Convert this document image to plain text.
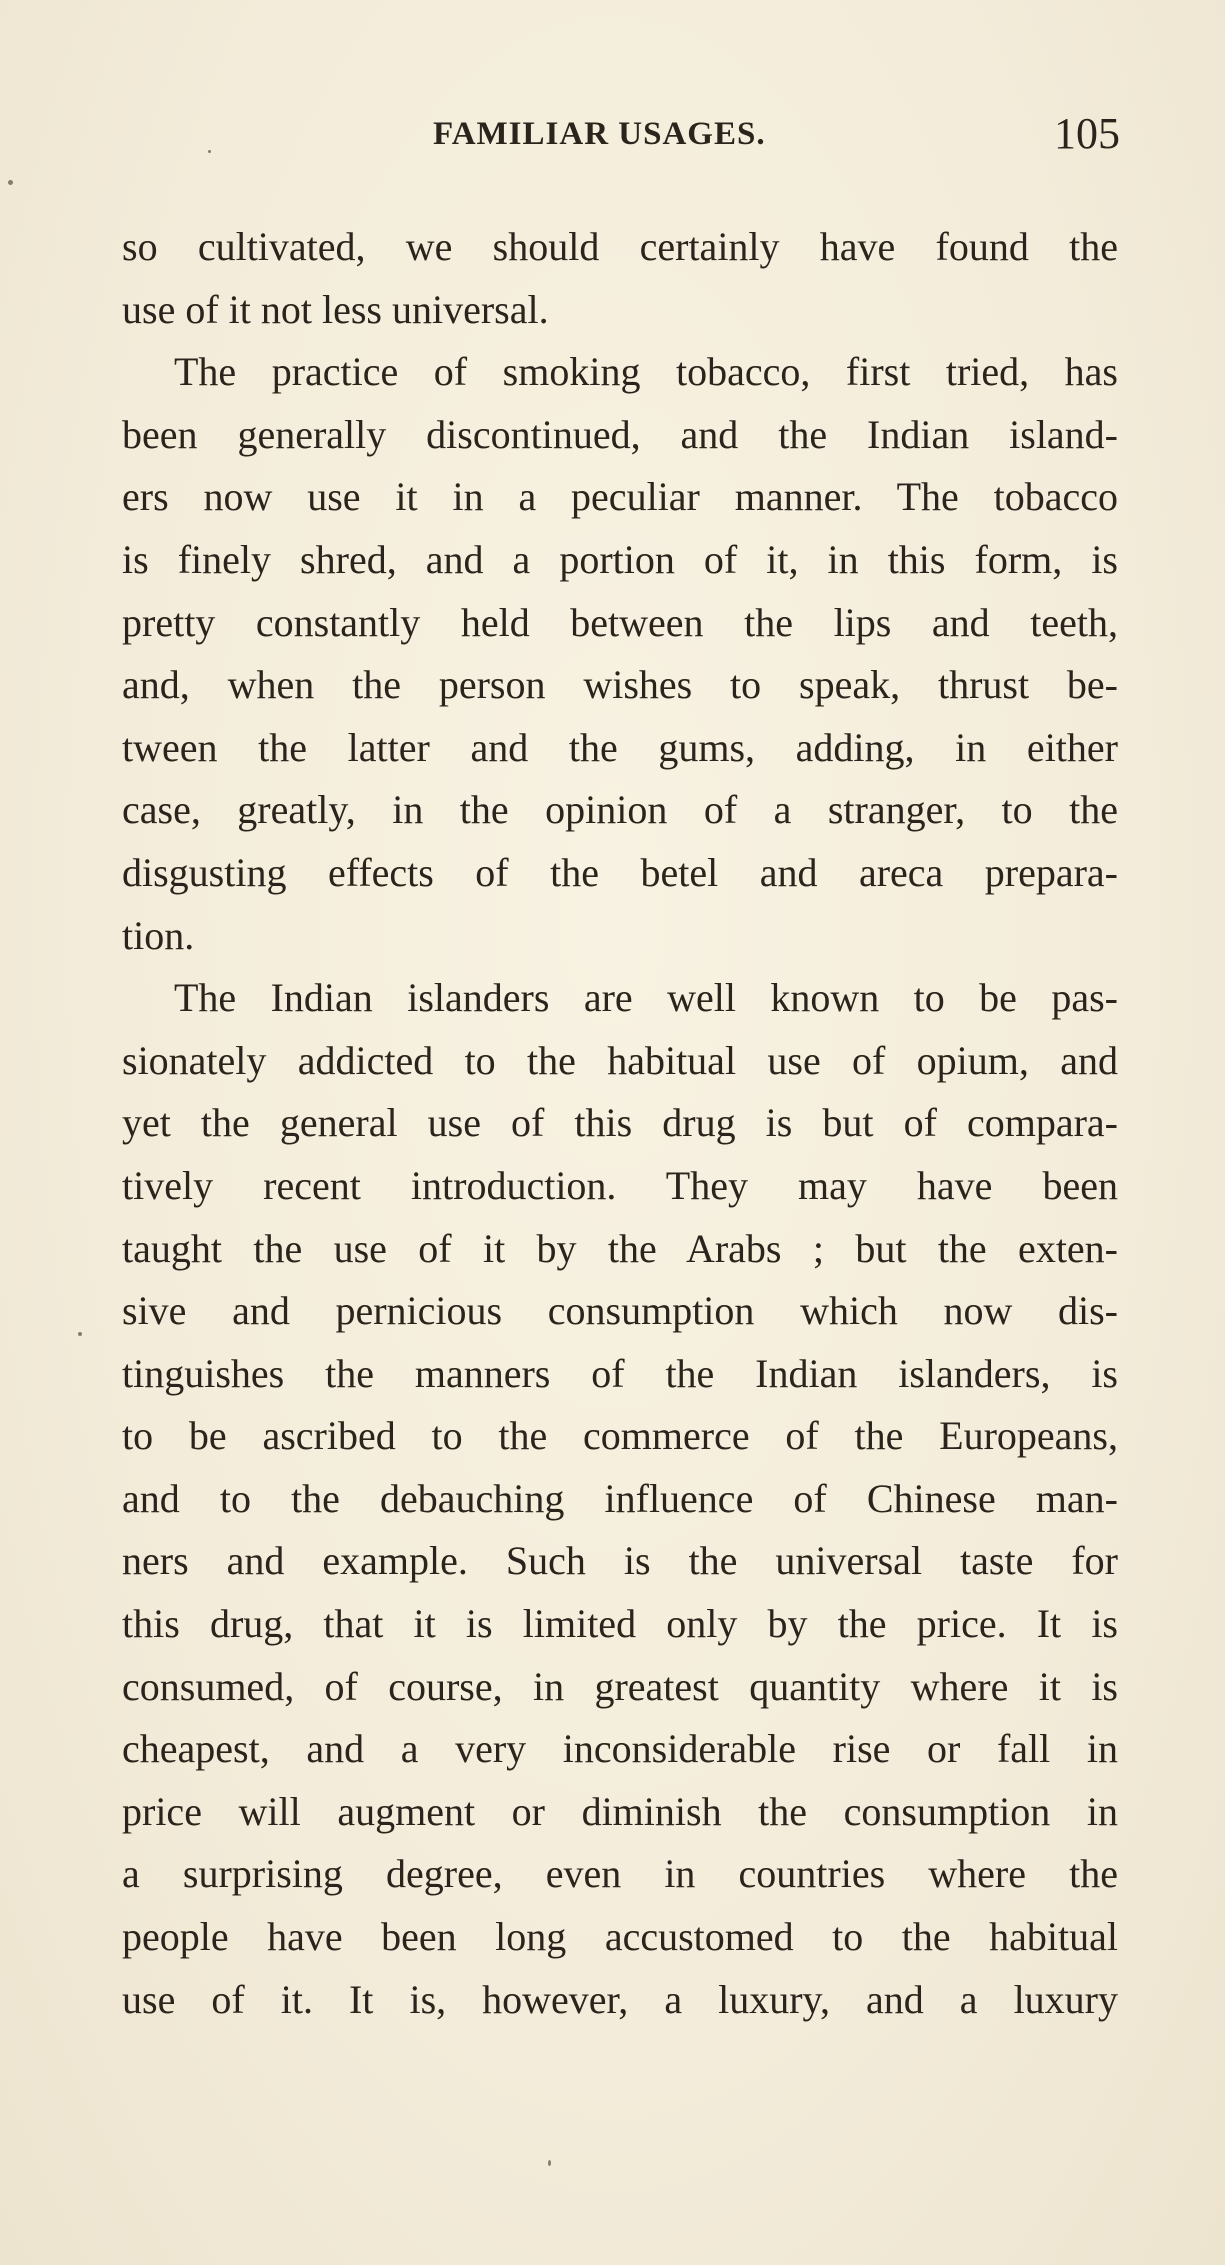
FAMILIAR USAGES.	105
so cultivated, we should certainly have found the
use of it not less universal.
The practice of smoking tobacco, first tried, has
been generally discontinued, and the Indian island-
ers now use it in a peculiar manner. The tobacco
is finely shred, and a portion of it, in this form, is
pretty constantly held between the lips and teeth,
and, when the person wishes to speak, thrust be-
tween the latter and the gums, adding, in either
case, greatly, in the opinion of a stranger, to the
disgusting effects of the betel and areca prepara-
tion.
The Indian islanders are well known to be pas-
sionately addicted to the habitual use of opium, and
yet the general use of this drug is but of compara-
tively recent introduction. They may have been
taught the use of it by the Arabs ; but the exten-
sive and pernicious consumption which now dis-
tinguishes the manners of the Indian islanders, is
to be ascribed to the commerce of the Europeans,
and to the debauching influence of Chinese man-
ners and example. Such is the universal taste for
this drug, that it is limited only by the price. It is
consumed, of course, in greatest quantity where it is
cheapest, and a very inconsiderable rise or fall in
price will augment or diminish the consumption in
a surprising degree, even in countries where the
people have been long accustomed to the habitual
use of it. It is, however, a luxury, and a luxury
